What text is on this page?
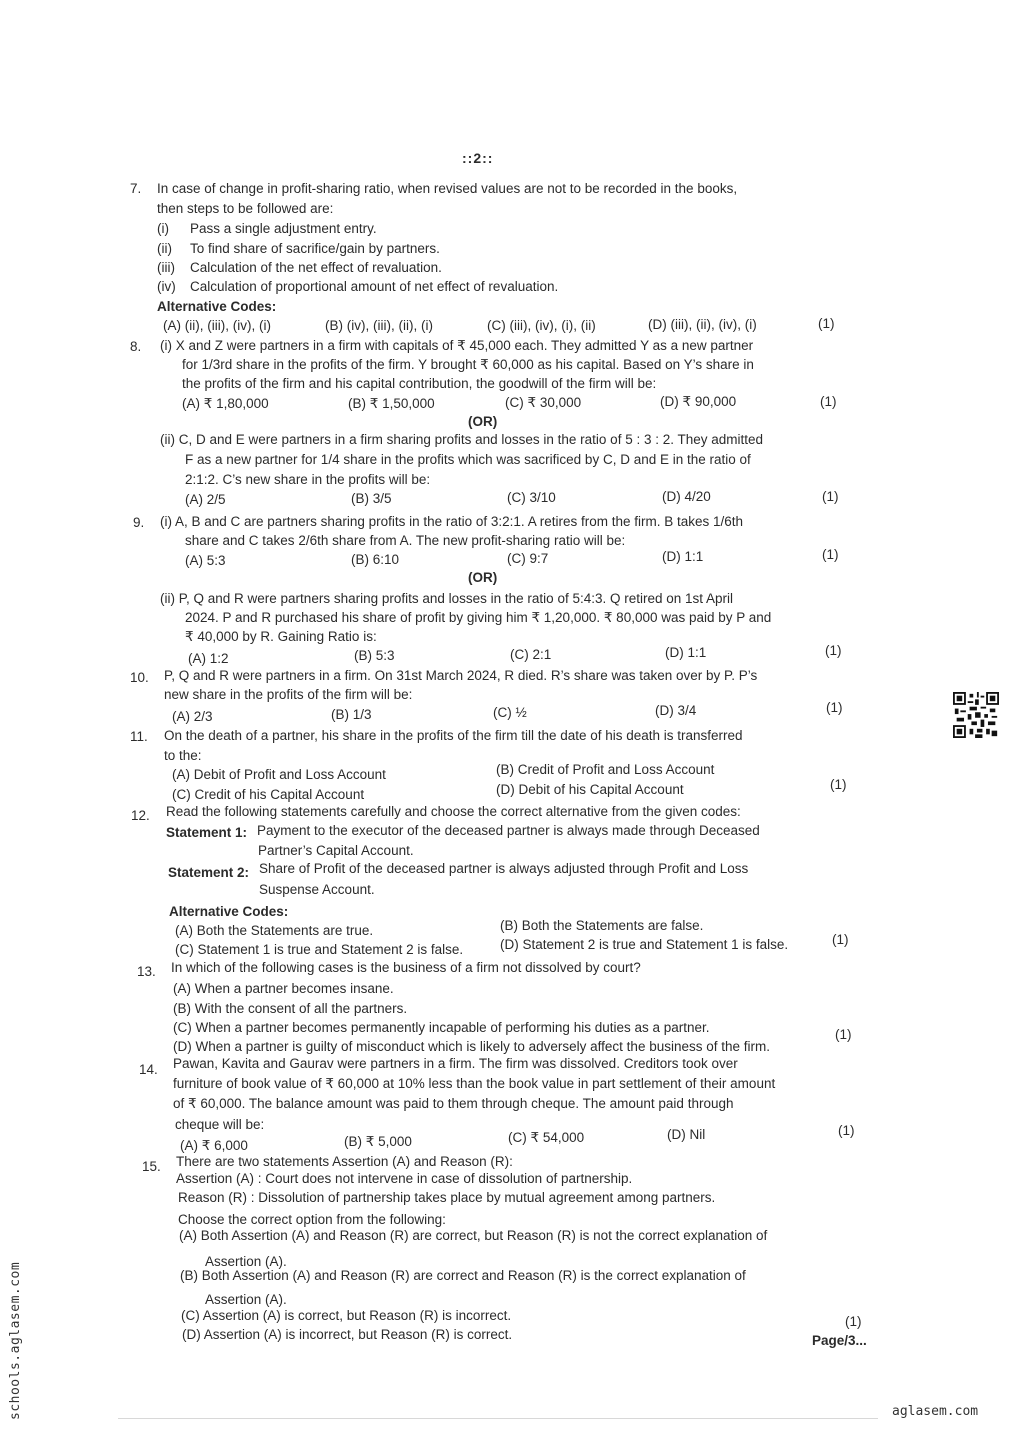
::2::
7. In case of change in profit-sharing ratio, when revised values are not to be recorded in the books,
then steps to be followed are:
(i) Pass a single adjustment entry.
(ii) To find share of sacrifice/gain by partners.
(iii) Calculation of the net effect of revaluation.
(iv) Calculation of proportional amount of net effect of revaluation.
Alternative Codes:
(A) (ii), (iii), (iv), (i)	(B) (iv), (iii), (ii), (i)	(C) (iii), (iv), (i), (ii)	(D) (iii), (ii), (iv), (i)	(1)
8. (i) X and Z were partners in a firm with capitals of ₹ 45,000 each. They admitted Y as a new partner
for 1/3rd share in the profits of the firm. Y brought ₹ 60,000 as his capital. Based on Y’s share in
the profits of the firm and his capital contribution, the goodwill of the firm will be:
(A) ₹ 1,80,000	(B) ₹ 1,50,000	(C) ₹ 30,000	(D) ₹ 90,000	(1)
(OR)
(ii) C, D and E were partners in a firm sharing profits and losses in the ratio of 5 : 3 : 2. They admitted
F as a new partner for 1/4 share in the profits which was sacrificed by C, D and E in the ratio of
2:1:2. C’s new share in the profits will be:
(A) 2/5	(B) 3/5	(C) 3/10	(D) 4/20	(1)
9. (i) A, B and C are partners sharing profits in the ratio of 3:2:1. A retires from the firm. B takes 1/6th
share and C takes 2/6th share from A. The new profit-sharing ratio will be:
(A) 5:3	(B) 6:10	(C) 9:7	(D) 1:1	(1)
(OR)
(ii) P, Q and R were partners sharing profits and losses in the ratio of 5:4:3. Q retired on 1st April
2024. P and R purchased his share of profit by giving him ₹ 1,20,000. ₹ 80,000 was paid by P and
₹ 40,000 by R. Gaining Ratio is:
(A) 1:2	(B) 5:3	(C) 2:1	(D) 1:1	(1)
10. P, Q and R were partners in a firm. On 31st March 2024, R died. R’s share was taken over by P. P’s
new share in the profits of the firm will be:
(A) 2/3	(B) 1/3	(C) ½	(D) 3/4	(1)
11. On the death of a partner, his share in the profits of the firm till the date of his death is transferred
to the:
(A) Debit of Profit and Loss Account	(B) Credit of Profit and Loss Account
(C) Credit of his Capital Account	(D) Debit of his Capital Account	(1)
12. Read the following statements carefully and choose the correct alternative from the given codes:
Statement 1: Payment to the executor of the deceased partner is always made through Deceased
Partner’s Capital Account.
Statement 2: Share of Profit of the deceased partner is always adjusted through Profit and Loss
Suspense Account.
Alternative Codes:
(A) Both the Statements are true.	(B) Both the Statements are false.
(C) Statement 1 is true and Statement 2 is false.	(D) Statement 2 is true and Statement 1 is false.	(1)
13. In which of the following cases is the business of a firm not dissolved by court?
(A) When a partner becomes insane.
(B) With the consent of all the partners.
(C) When a partner becomes permanently incapable of performing his duties as a partner.
(D) When a partner is guilty of misconduct which is likely to adversely affect the business of the firm.
(1)
14. Pawan, Kavita and Gaurav were partners in a firm. The firm was dissolved. Creditors took over
furniture of book value of ₹ 60,000 at 10% less than the book value in part settlement of their amount
of ₹ 60,000. The balance amount was paid to them through cheque. The amount paid through
cheque will be:
(A) ₹ 6,000	(B) ₹ 5,000	(C) ₹ 54,000	(D) Nil	(1)
15. There are two statements Assertion (A) and Reason (R):
Assertion (A) : Court does not intervene in case of dissolution of partnership.
Reason (R) : Dissolution of partnership takes place by mutual agreement among partners.
Choose the correct option from the following:
(A) Both Assertion (A) and Reason (R) are correct, but Reason (R) is not the correct explanation of
Assertion (A).
(B) Both Assertion (A) and Reason (R) are correct and Reason (R) is the correct explanation of
Assertion (A).
(C) Assertion (A) is correct, but Reason (R) is incorrect.
(D) Assertion (A) is incorrect, but Reason (R) is correct.
(1)
Page/3...
schools.aglasem.com	aglasem.com
